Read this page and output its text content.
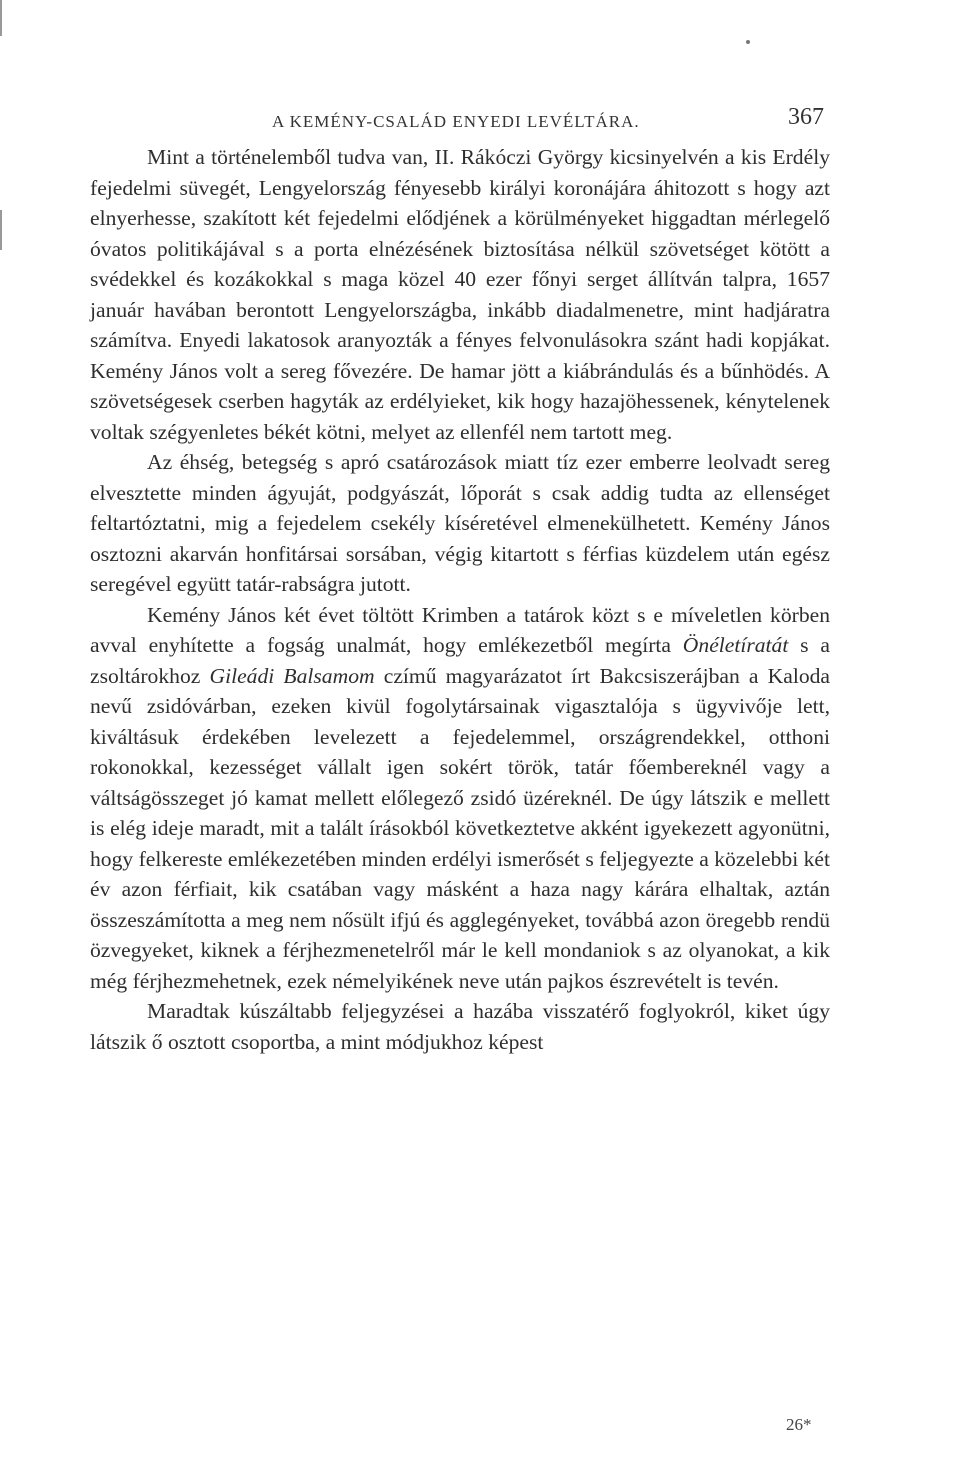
A KEMÉNY-CSALÁD ENYEDI LEVÉLTÁRA.	367

Mint a történelemből tudva van, II. Rákóczi György kicsinyelvén a kis Erdély fejedelmi süvegét, Lengyelország fényesebb királyi koronájára áhitozott s hogy azt elnyerhesse, szakított két fejedelmi elődjének a körülményeket higgadtan mérlegelő óvatos politikájával s a porta elnézésének biztosítása nélkül szövetséget kötött a svédekkel és kozákokkal s maga közel 40 ezer főnyi serget állítván talpra, 1657 január havában berontott Lengyelországba, inkább diadalmenetre, mint hadjáratra számítva. Enyedi lakatosok aranyozták a fényes felvonulásokra szánt hadi kopjákat. Kemény János volt a sereg fővezére. De hamar jött a kiábrándulás és a bűnhödés. A szövetségesek cserben hagyták az erdélyieket, kik hogy hazajöhessenek, kénytelenek voltak szégyenletes békét kötni, melyet az ellenfél nem tartott meg.

Az éhség, betegség s apró csatározások miatt tíz ezer emberre leolvadt sereg elvesztette minden ágyuját, podgyászát, lőporát s csak addig tudta az ellenséget feltartóztatni, mig a fejedelem csekély kíséretével elmenekülhetett. Kemény János osztozni akarván honfitársai sorsában, végig kitartott s férfias küzdelem után egész seregével együtt tatár-rabságra jutott.

Kemény János két évet töltött Krimben a tatárok közt s e míveletlen körben avval enyhítette a fogság unalmát, hogy emlékezetből megírta Önéletíratát s a zsoltárokhoz Gileádi Balsamom czímű magyarázatot írt Bakcsiszerájban a Kaloda nevű zsidóvárban, ezeken kivül fogolytársainak vigasztalója s ügyvivője lett, kiváltásuk érdekében levelezett a fejedelemmel, országrendekkel, otthoni rokonokkal, kezességet vállalt igen sokért török, tatár főembereknél vagy a váltságösszeget jó kamat mellett előlegező zsidó üzéreknél. De úgy látszik e mellett is elég ideje maradt, mit a talált írásokból következtetve akként igyekezett agyonütni, hogy felkereste emlékezetében minden erdélyi ismerősét s feljegyezte a közelebbi két év azon férfiait, kik csatában vagy másként a haza nagy kárára elhaltak, aztán összeszámította a meg nem nősült ifjú és agglegényeket, továbbá azon öregebb rendü özvegyeket, kiknek a férjhezmenetelről már le kell mondaniok s az olyanokat, a kik még férjhezmehetnek, ezek némelyikének neve után pajkos észrevételt is tevén.

Maradtak kúszáltabb feljegyzései a hazába visszatérő foglyokról, kiket úgy látszik ő osztott csoportba, a mint módjukhoz képest

26*
